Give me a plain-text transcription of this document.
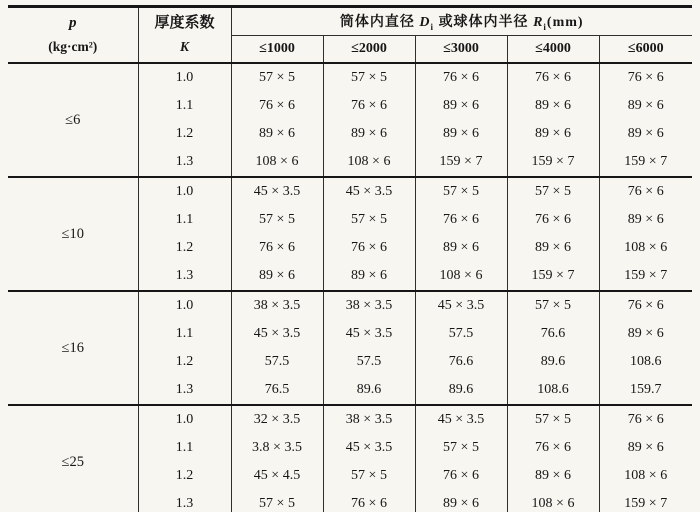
p
(kg·cm²)

厚度系数
K
	筒体内直径 $D_i$ 或球体内半径 $R_i(mm)$
		≤1000	≤2000	≤3000	≤4000	≤6000
≤6	1.0	57 × 5	57 × 5	76 × 6	76 × 6	76 × 6
	1.1	76 × 6	76 × 6	89 × 6	89 × 6	89 × 6
	1.2	89 × 6	89 × 6	89 × 6	89 × 6	89 × 6
	1.3	108 × 6	108 × 6	159 × 7	159 × 7	159 × 7
≤10	1.0	45 × 3.5	45 × 3.5	57 × 5	57 × 5	76 × 6
	1.1	57 × 5	57 × 5	76 × 6	76 × 6	89 × 6
	1.2	76 × 6	76 × 6	89 × 6	89 × 6	108 × 6
	1.3	89 × 6	89 × 6	108 × 6	159 × 7	159 × 7
≤16	1.0	38 × 3.5	38 × 3.5	45 × 3.5	57 × 5	76 × 6
	1.1	45 × 3.5	45 × 3.5	57.5	76.6	89 × 6
	1.2	57.5	57.5	76.6	89.6	108.6
	1.3	76.5	89.6	89.6	108.6	159.7
≤25	1.0	32 × 3.5	38 × 3.5	45 × 3.5	57 × 5	76 × 6
	1.1	3.8 × 3.5	45 × 3.5	57 × 5	76 × 6	89 × 6
	1.2	45 × 4.5	57 × 5	76 × 6	89 × 6	108 × 6
	1.3	57 × 5	76 × 6	89 × 6	108 × 6	159 × 7
